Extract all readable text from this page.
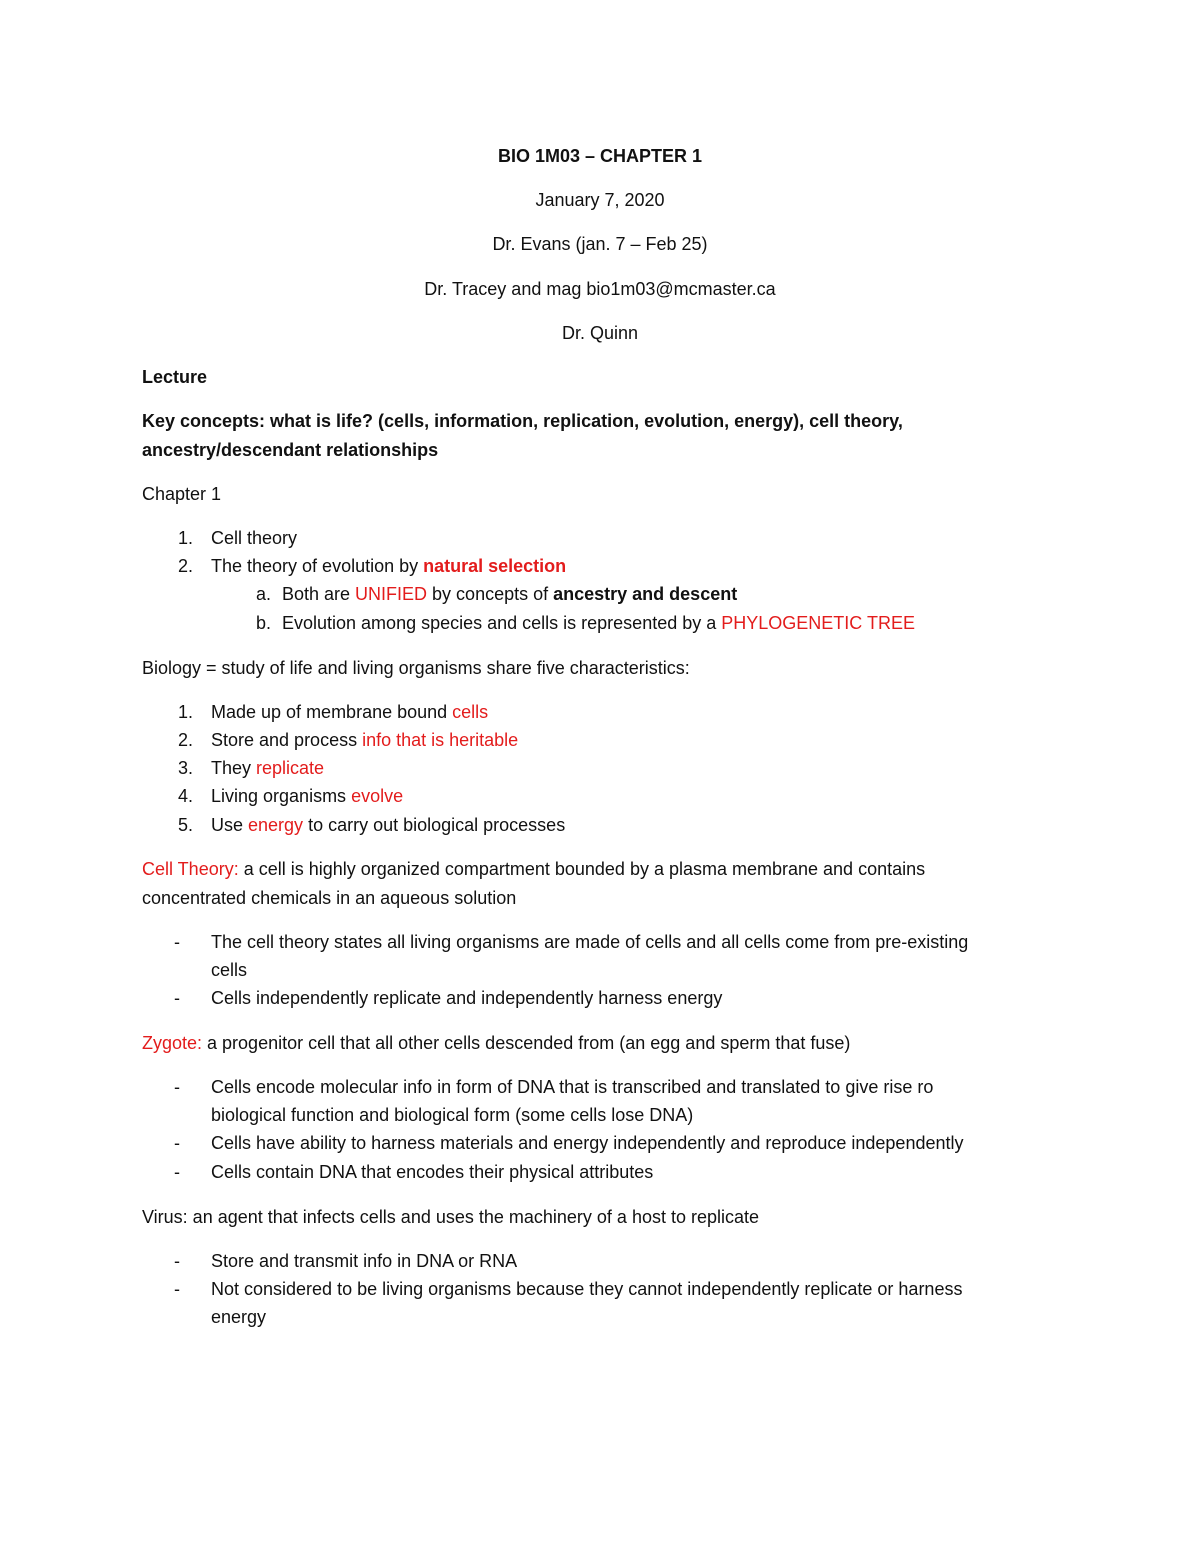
BIO 1M03 – CHAPTER 1
January 7, 2020
Dr. Evans (jan. 7 – Feb 25)
Dr. Tracey and mag bio1m03@mcmaster.ca
Dr. Quinn
Lecture
Key concepts: what is life? (cells, information, replication, evolution, energy), cell theory,
ancestry/descendant relationships
Chapter 1
1. Cell theory
2. The theory of evolution by natural selection
a. Both are UNIFIED by concepts of ancestry and descent
b. Evolution among species and cells is represented by a PHYLOGENETIC TREE
Biology = study of life and living organisms share five characteristics:
1. Made up of membrane bound cells
2. Store and process info that is heritable
3. They replicate
4. Living organisms evolve
5. Use energy to carry out biological processes
Cell Theory: a cell is highly organized compartment bounded by a plasma membrane and contains
concentrated chemicals in an aqueous solution
- The cell theory states all living organisms are made of cells and all cells come from pre-existing
cells
- Cells independently replicate and independently harness energy
Zygote: a progenitor cell that all other cells descended from (an egg and sperm that fuse)
- Cells encode molecular info in form of DNA that is transcribed and translated to give rise ro
biological function and biological form (some cells lose DNA)
- Cells have ability to harness materials and energy independently and reproduce independently
- Cells contain DNA that encodes their physical attributes
Virus: an agent that infects cells and uses the machinery of a host to replicate
- Store and transmit info in DNA or RNA
- Not considered to be living organisms because they cannot independently replicate or harness
energy
